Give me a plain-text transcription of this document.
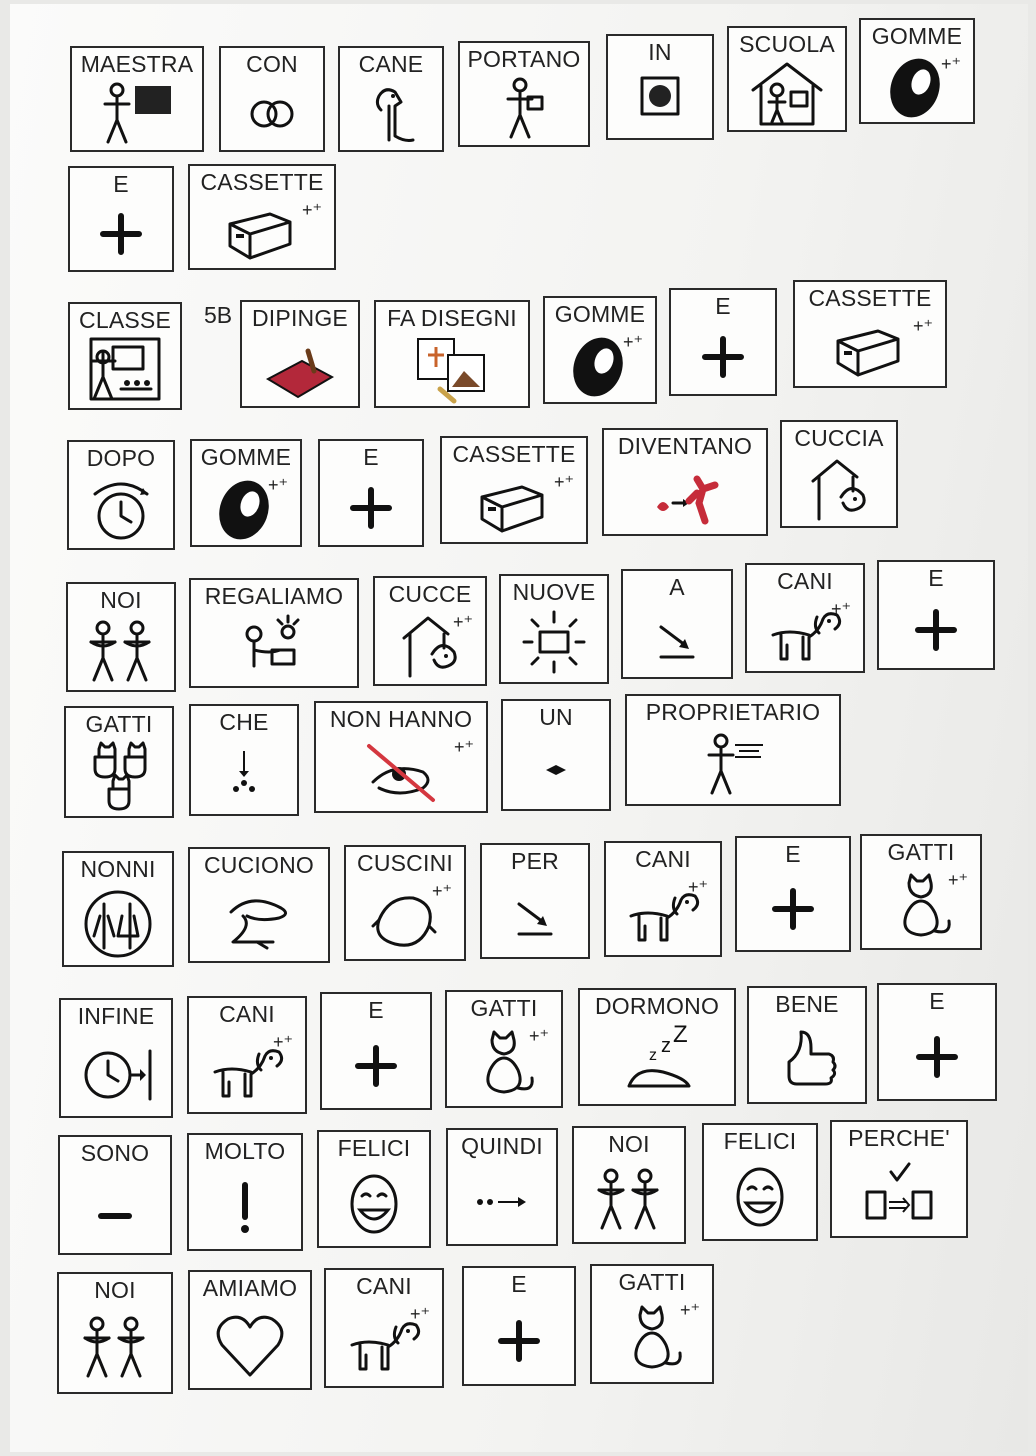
MAESTRA	CON	CANE	PORTANO	IN	SCUOLA	GOMME
+⁺
E	CASSETTE
+⁺
CLASSE	5B DIPINGE	FA DISEGNI	GOMME
+⁺
E	CASSETTE
+⁺
DOPO	GOMME
+⁺
E	CASSETTE
+⁺
DIVENTANO	CUCCIA
NOI	REGALIAMO	CUCCE
+⁺
NUOVE	A	CANI
+⁺
E
GATTI	CHE	NON HANNO
+⁺
UN	PROPRIETARIO
NONNI	CUCIONO	CUSCINI
+⁺
PER	CANI
+⁺
E	GATTI
+⁺
INFINE	CANI
+⁺
E	GATTI
+⁺
DORMONO
z z Z
BENE	E
SONO	MOLTO	FELICI	QUINDI	NOI	FELICI	PERCHE'
NOI	AMIAMO	CANI
+⁺
E	GATTI
+⁺
